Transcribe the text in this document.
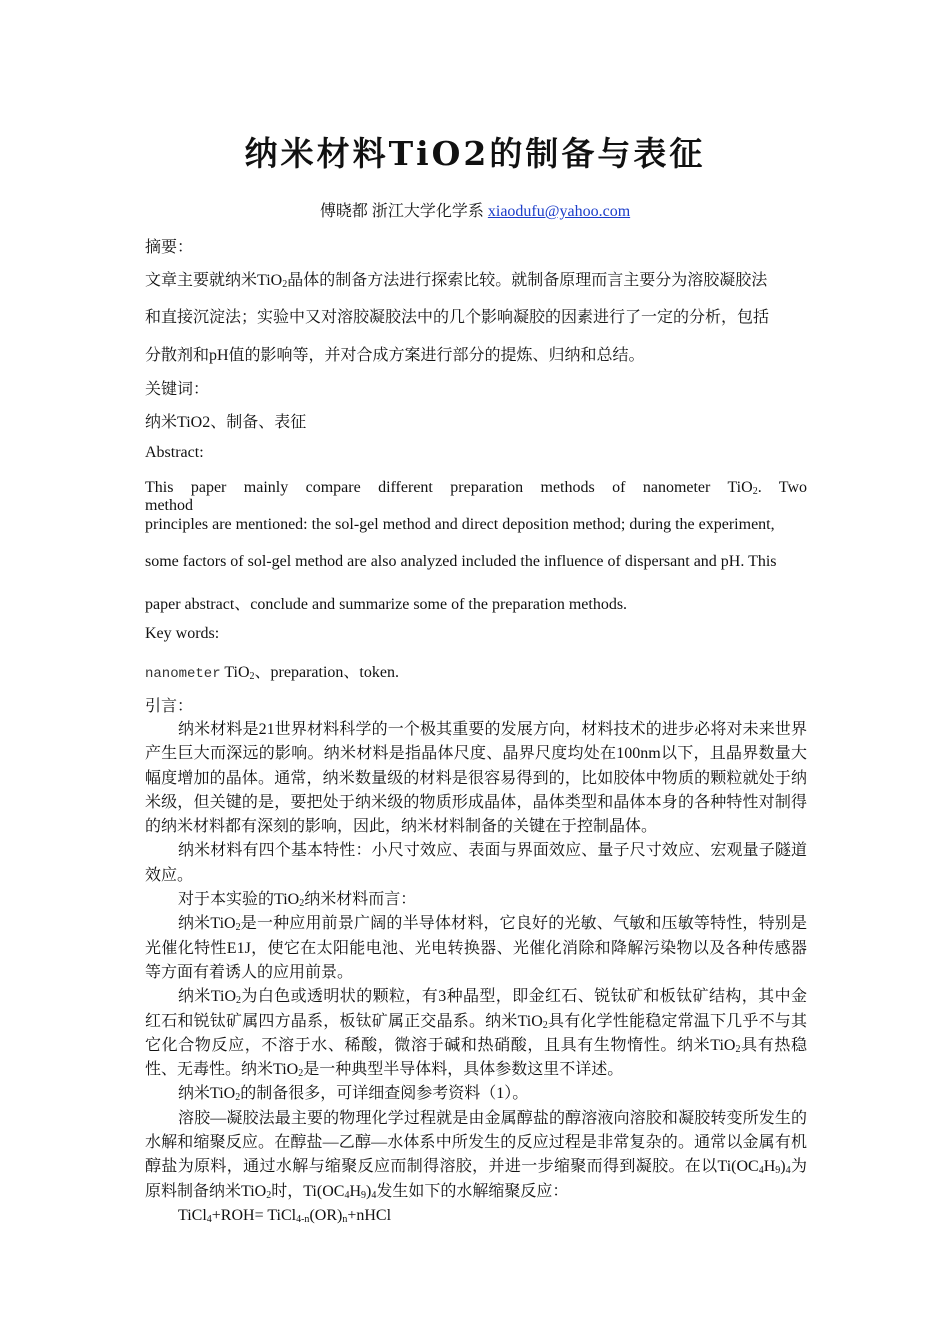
纳米材料TiO2的制备与表征
傅晓都 浙江大学化学系 xiaodufu@yahoo.com
摘要：
文章主要就纳米TiO$_2$晶体的制备方法进行探索比较。就制备原理而言主要分为溶胶凝胶法
和直接沉淀法；实验中又对溶胶凝胶法中的几个影响凝胶的因素进行了一定的分析，包括
分散剂和pH值的影响等，并对合成方案进行部分的提炼、归纳和总结。
关键词：
纳米TiO2、制备、表征
Abstract:
This paper mainly compare different preparation methods of nanometer TiO$_2$. Two method
principles are mentioned: the sol-gel method and direct deposition method; during the experiment,
some factors of sol-gel method are also analyzed included the influence of dispersant and pH. This
paper abstract、conclude and summarize some of the preparation methods.
Key words:
nanometer TiO$_2$、preparation、token.
引言：

纳米材料是21世界材料科学的一个极其重要的发展方向，材料技术的进步必将对未来世界产生巨大而深远的影响。纳米材料是指晶体尺度、晶界尺度均处在100nm以下，且晶界数量大幅度增加的晶体。通常，纳米数量级的材料是很容易得到的，比如胶体中物质的颗粒就处于纳米级，但关键的是，要把处于纳米级的物质形成晶体，晶体类型和晶体本身的各种特性对制得的纳米材料都有深刻的影响，因此，纳米材料制备的关键在于控制晶体。

纳米材料有四个基本特性：小尺寸效应、表面与界面效应、量子尺寸效应、宏观量子隧道效应。

对于本实验的TiO$_2$纳米材料而言：

纳米TiO$_2$是一种应用前景广阔的半导体材料，它良好的光敏、气敏和压敏等特性，特别是光催化特性E1J，使它在太阳能电池、光电转换器、光催化消除和降解污染物以及各种传感器等方面有着诱人的应用前景。

纳米TiO$_2$为白色或透明状的颗粒，有3种晶型，即金红石、锐钛矿和板钛矿结构，其中金红石和锐钛矿属四方晶系，板钛矿属正交晶系。纳米TiO$_2$具有化学性能稳定常温下几乎不与其它化合物反应，不溶于水、稀酸，微溶于碱和热硝酸，且具有生物惰性。纳米TiO$_2$具有热稳性、无毒性。纳米TiO$_2$是一种典型半导体料，具体参数这里不详述。

纳米TiO$_2$的制备很多，可详细查阅参考资料（1）。

溶胶—凝胶法最主要的物理化学过程就是由金属醇盐的醇溶液向溶胶和凝胶转变所发生的水解和缩聚反应。在醇盐—乙醇—水体系中所发生的反应过程是非常复杂的。通常以金属有机醇盐为原料，通过水解与缩聚反应而制得溶胶，并进一步缩聚而得到凝胶。在以$Ti(OC_4H_9)_4$为原料制备纳米TiO$_2$时，$Ti(OC_4H_9)_4$发生如下的水解缩聚反应：

TiCl$_4$+ROH= $TiCl_{4-n}(OR)_n+nHCl$
